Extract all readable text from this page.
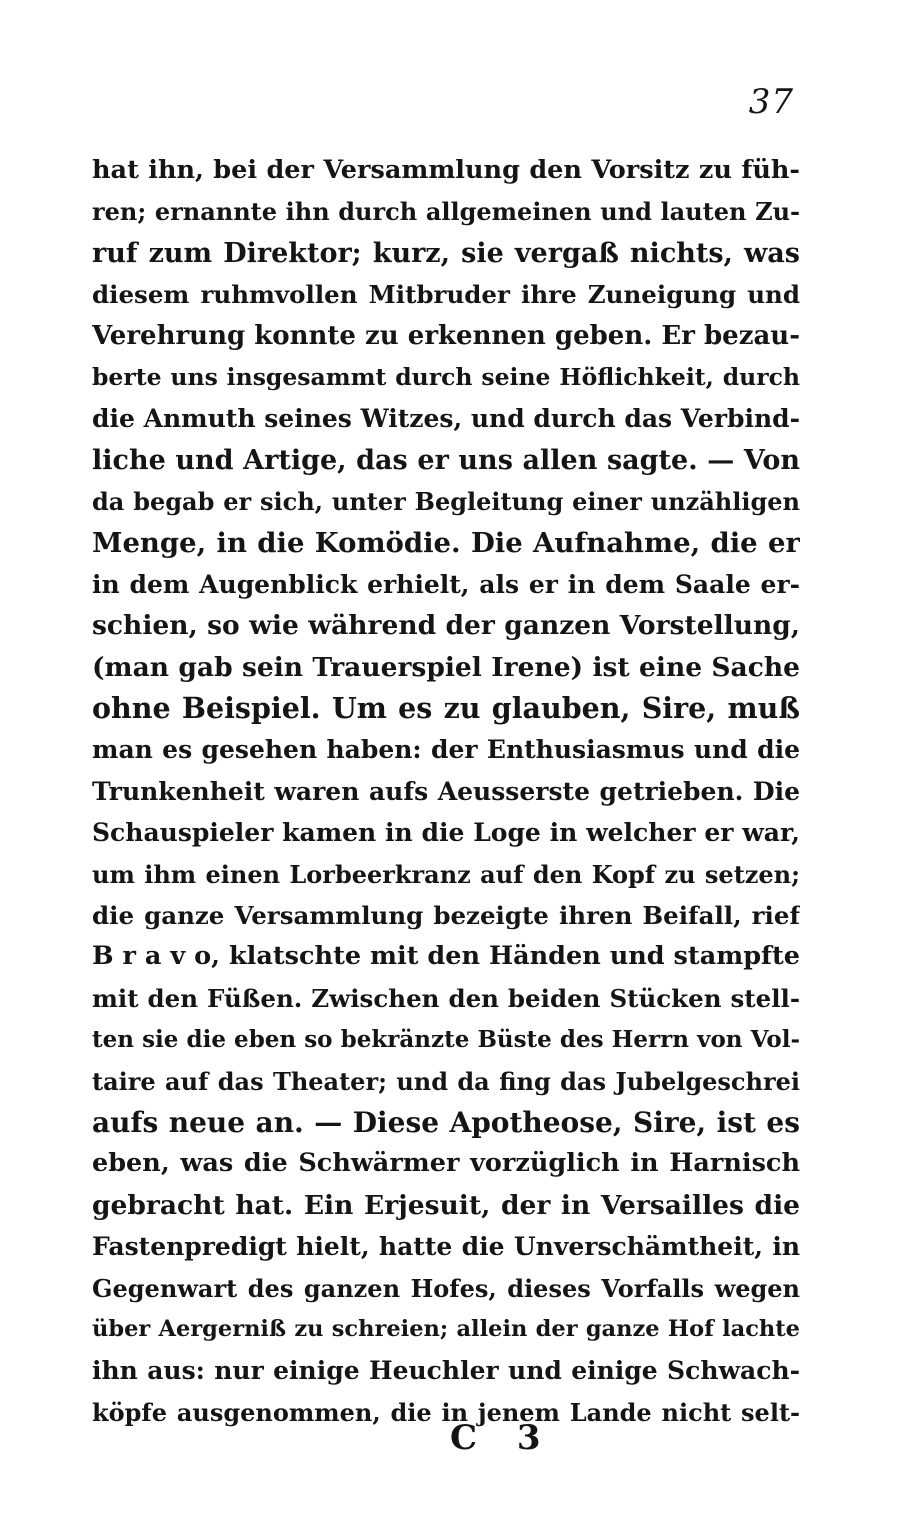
37
hat ihn, bei der Versammlung den Vorsitz zu füh-
ren; ernannte ihn durch allgemeinen und lauten Zu-
ruf zum Direktor; kurz, sie vergaß nichts, was
diesem ruhmvollen Mitbruder ihre Zuneigung und
Verehrung konnte zu erkennen geben. Er bezau-
berte uns insgesammt durch seine Höflichkeit, durch
die Anmuth seines Witzes, und durch das Verbind-
liche und Artige, das er uns allen sagte. — Von
da begab er sich, unter Begleitung einer unzähligen
Menge, in die Komödie. Die Aufnahme, die er
in dem Augenblick erhielt, als er in dem Saale er-
schien, so wie während der ganzen Vorstellung,
(man gab sein Trauerspiel Irene) ist eine Sache
ohne Beispiel. Um es zu glauben, Sire, muß
man es gesehen haben: der Enthusiasmus und die
Trunkenheit waren aufs Aeusserste getrieben. Die
Schauspieler kamen in die Loge in welcher er war,
um ihm einen Lorbeerkranz auf den Kopf zu setzen;
die ganze Versammlung bezeigte ihren Beifall, rief
B r a v o, klatschte mit den Händen und stampfte
mit den Füßen. Zwischen den beiden Stücken stell-
ten sie die eben so bekränzte Büste des Herrn von Vol-
taire auf das Theater; und da fing das Jubelgeschrei
aufs neue an. — Diese Apotheose, Sire, ist es
eben, was die Schwärmer vorzüglich in Harnisch
gebracht hat. Ein Erjesuit, der in Versailles die
Fastenpredigt hielt, hatte die Unverschämtheit, in
Gegenwart des ganzen Hofes, dieses Vorfalls wegen
über Aergerniß zu schreien; allein der ganze Hof lachte
ihn aus: nur einige Heuchler und einige Schwach-
köpfe ausgenommen, die in jenem Lande nicht selt-
C 3
